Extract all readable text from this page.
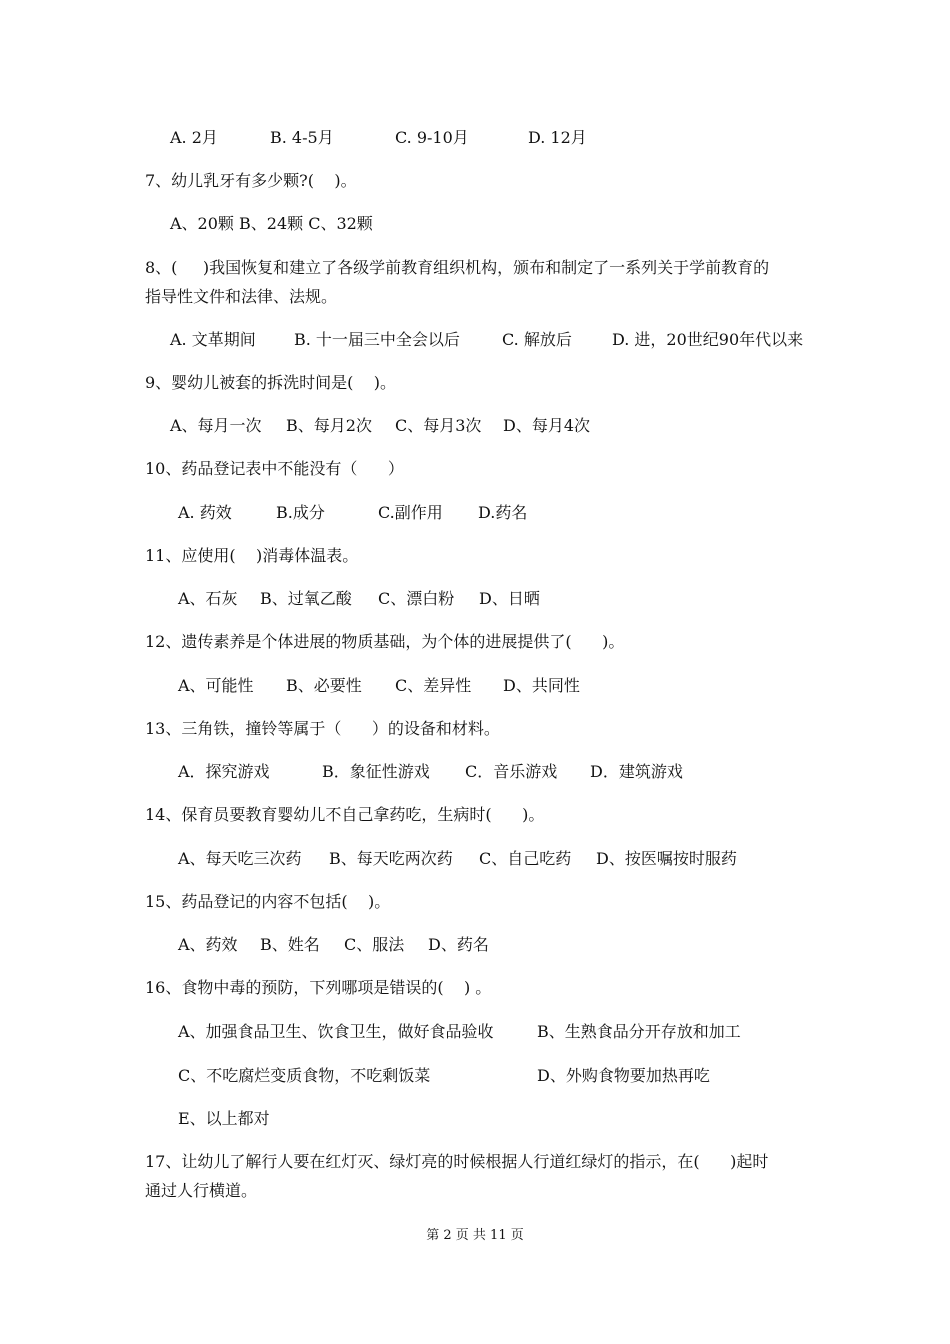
A. 2月

	B. 4-5月

	C. 9-10月

	D. 12月

7、幼儿乳牙有多少颗?(    )。

A、20颗 B、24颗 C、32颗

8、(     )我国恢复和建立了各级学前教育组织机构，颁布和制定了一系列关于学前教育的
指导性文件和法律、法规。

A. 文革期间

B. 十一届三中全会以后

	C. 解放后

	D. 进，20世纪90年代以来

9、婴幼儿被套的拆洗时间是(    )。

A、每月一次

B、每月2次

C、每月3次

D、每月4次

10、药品登记表中不能没有（      ）

A. 药效

	B.成分

	C.副作用

D.药名

11、应使用(    )消毒体温表。

A、石灰

B、过氧乙酸

C、漂白粉

D、日晒

12、遗传素养是个体进展的物质基础，为个体的进展提供了(      )。

A、可能性

B、必要性

C、差异性

D、共同性

13、三角铁，撞铃等属于（      ）的设备和材料。

A．探究游戏

	B．象征性游戏

C．音乐游戏

D．建筑游戏

14、保育员要教育婴幼儿不自己拿药吃，生病时(      )。

A、每天吃三次药

B、每天吃两次药

C、自己吃药

D、按医嘱按时服药

15、药品登记的内容不包括(    )。

A、药效

B、姓名

C、服法

D、药名

16、食物中毒的预防，下列哪项是错误的(    ) 。

A、加强食品卫生、饮食卫生，做好食品验收

	B、生熟食品分开存放和加工

C、不吃腐烂变质食物，不吃剩饭菜

	D、外购食物要加热再吃

E、以上都对

17、让幼儿了解行人要在红灯灭、绿灯亮的时候根据人行道红绿灯的指示，在(      )起时
通过人行横道。
第 2 页 共 11 页
